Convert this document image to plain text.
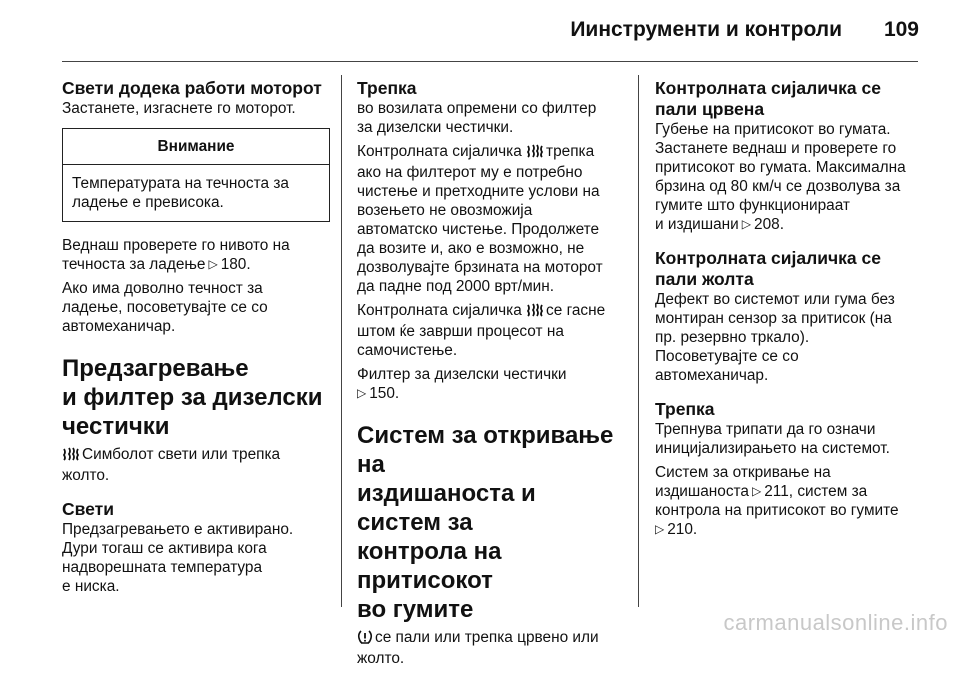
Иинструменти и контроли 109
Свети додека работи моторот

Застанете, изгаснете го моторот.

Внимание
Температурата на течноста за
ладење е превисока.

Веднаш проверете го нивото на
течноста за ладење ▷ 180.

Ако има доволно течност за
ладење, посоветувајте се со
автомеханичар.

Предзагревање
и филтер за дизелски
честички

Симболот свети или трепка
жолто.

Свети

Предзагревањето е активирано.
Дури тогаш се активира кога
надворешната температура
е ниска.

Трепка

во возилата опремени со филтер
за дизелски честички.

Контролната сијаличка трепка
ако на филтерот му е потребно
чистење и претходните услови на
возењето не овозможија
автоматско чистење. Продолжете
да возите и, ако е возможно, не
дозволувајте брзината на моторот
да падне под 2000 врт/мин.

Контролната сијаличка се гасне
штом ќе заврши процесот на
самочистење.

Филтер за дизелски честички
▷ 150.

Систем за откривање на
издишаноста и систем за
контрола на притисокот
во гумите

се пали или трепка црвено или
жолто.

Контролната сијаличка се
пали црвена

Губење на притисокот во гумата.
Застанете веднаш и проверете го
притисокот во гумата. Максимална
брзина од 80 км/ч се дозволува за
гумите што функционираат
и издишани ▷ 208.

Контролната сијаличка се
пали жолта

Дефект во системот или гума без
монтиран сензор за притисок (на
пр. резервно тркало).
Посоветувајте се со
автомеханичар.

Трепка

Трепнува трипати да го означи
иницијализирањето на системот.

Систем за откривање на
издишаноста ▷ 211, систем за
контрола на притисокот во гумите
▷ 210.

carmanualsonline.info
